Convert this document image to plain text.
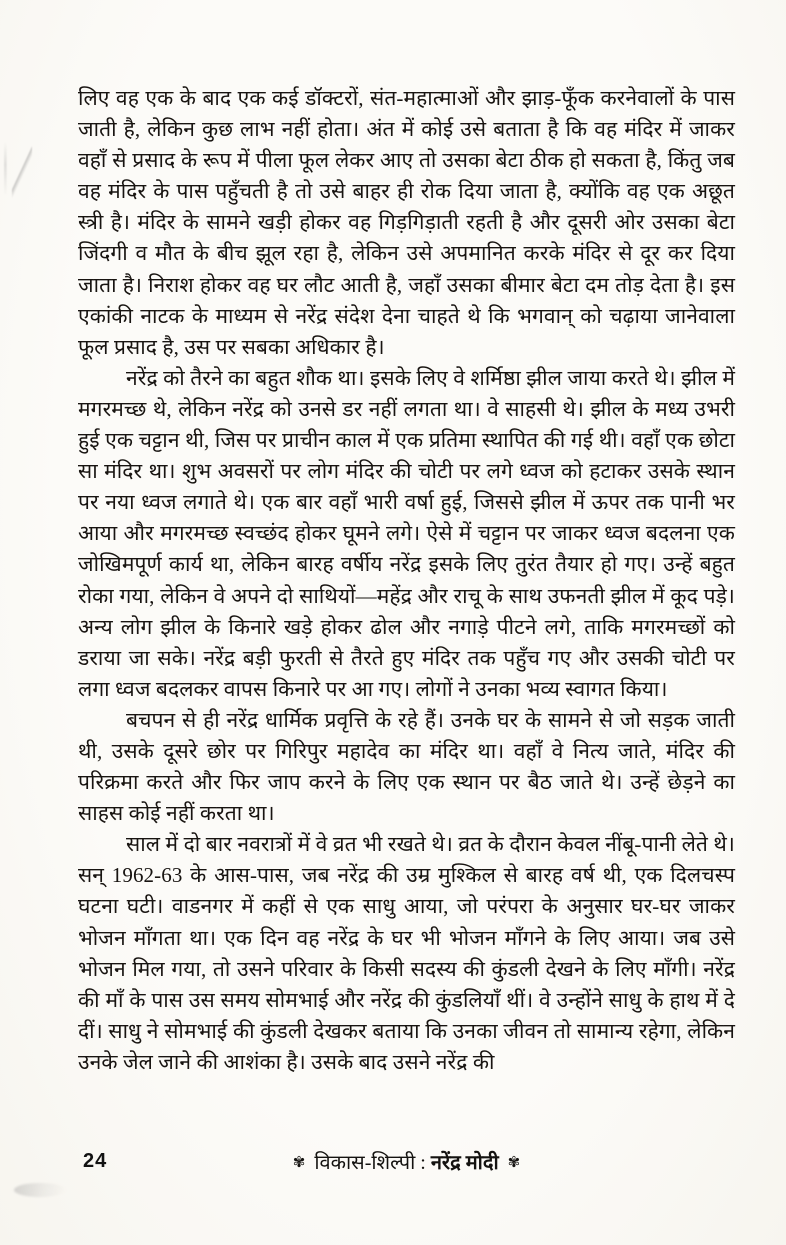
लिए वह एक के बाद एक कई डॉक्टरों, संत-महात्माओं और झाड़-फूँक करनेवालों के पास जाती है, लेकिन कुछ लाभ नहीं होता। अंत में कोई उसे बताता है कि वह मंदिर में जाकर वहाँ से प्रसाद के रूप में पीला फूल लेकर आए तो उसका बेटा ठीक हो सकता है, किंतु जब वह मंदिर के पास पहुँचती है तो उसे बाहर ही रोक दिया जाता है, क्योंकि वह एक अछूत स्त्री है। मंदिर के सामने खड़ी होकर वह गिड़गिड़ाती रहती है और दूसरी ओर उसका बेटा जिंदगी व मौत के बीच झूल रहा है, लेकिन उसे अपमानित करके मंदिर से दूर कर दिया जाता है। निराश होकर वह घर लौट आती है, जहाँ उसका बीमार बेटा दम तोड़ देता है। इस एकांकी नाटक के माध्यम से नरेंद्र संदेश देना चाहते थे कि भगवान् को चढ़ाया जानेवाला फूल प्रसाद है, उस पर सबका अधिकार है।

नरेंद्र को तैरने का बहुत शौक था। इसके लिए वे शर्मिष्ठा झील जाया करते थे। झील में मगरमच्छ थे, लेकिन नरेंद्र को उनसे डर नहीं लगता था। वे साहसी थे। झील के मध्य उभरी हुई एक चट्टान थी, जिस पर प्राचीन काल में एक प्रतिमा स्थापित की गई थी। वहाँ एक छोटा सा मंदिर था। शुभ अवसरों पर लोग मंदिर की चोटी पर लगे ध्वज को हटाकर उसके स्थान पर नया ध्वज लगाते थे। एक बार वहाँ भारी वर्षा हुई, जिससे झील में ऊपर तक पानी भर आया और मगरमच्छ स्वच्छंद होकर घूमने लगे। ऐसे में चट्टान पर जाकर ध्वज बदलना एक जोखिमपूर्ण कार्य था, लेकिन बारह वर्षीय नरेंद्र इसके लिए तुरंत तैयार हो गए। उन्हें बहुत रोका गया, लेकिन वे अपने दो साथियों—महेंद्र और राचू के साथ उफनती झील में कूद पड़े। अन्य लोग झील के किनारे खड़े होकर ढोल और नगाड़े पीटने लगे, ताकि मगरमच्छों को डराया जा सके। नरेंद्र बड़ी फुरती से तैरते हुए मंदिर तक पहुँच गए और उसकी चोटी पर लगा ध्वज बदलकर वापस किनारे पर आ गए। लोगों ने उनका भव्य स्वागत किया।

बचपन से ही नरेंद्र धार्मिक प्रवृत्ति के रहे हैं। उनके घर के सामने से जो सड़क जाती थी, उसके दूसरे छोर पर गिरिपुर महादेव का मंदिर था। वहाँ वे नित्य जाते, मंदिर की परिक्रमा करते और फिर जाप करने के लिए एक स्थान पर बैठ जाते थे। उन्हें छेड़ने का साहस कोई नहीं करता था।

साल में दो बार नवरात्रों में वे व्रत भी रखते थे। व्रत के दौरान केवल नींबू-पानी लेते थे। सन् 1962-63 के आस-पास, जब नरेंद्र की उम्र मुश्किल से बारह वर्ष थी, एक दिलचस्प घटना घटी। वाडनगर में कहीं से एक साधु आया, जो परंपरा के अनुसार घर-घर जाकर भोजन माँगता था। एक दिन वह नरेंद्र के घर भी भोजन माँगने के लिए आया। जब उसे भोजन मिल गया, तो उसने परिवार के किसी सदस्य की कुंडली देखने के लिए माँगी। नरेंद्र की माँ के पास उस समय सोमभाई और नरेंद्र की कुंडलियाँ थीं। वे उन्होंने साधु के हाथ में दे दीं। साधु ने सोमभाई की कुंडली देखकर बताया कि उनका जीवन तो सामान्य रहेगा, लेकिन उनके जेल जाने की आशंका है। उसके बाद उसने नरेंद्र की

24	✾ विकास-शिल्पी : नरेंद्र मोदी ✾
